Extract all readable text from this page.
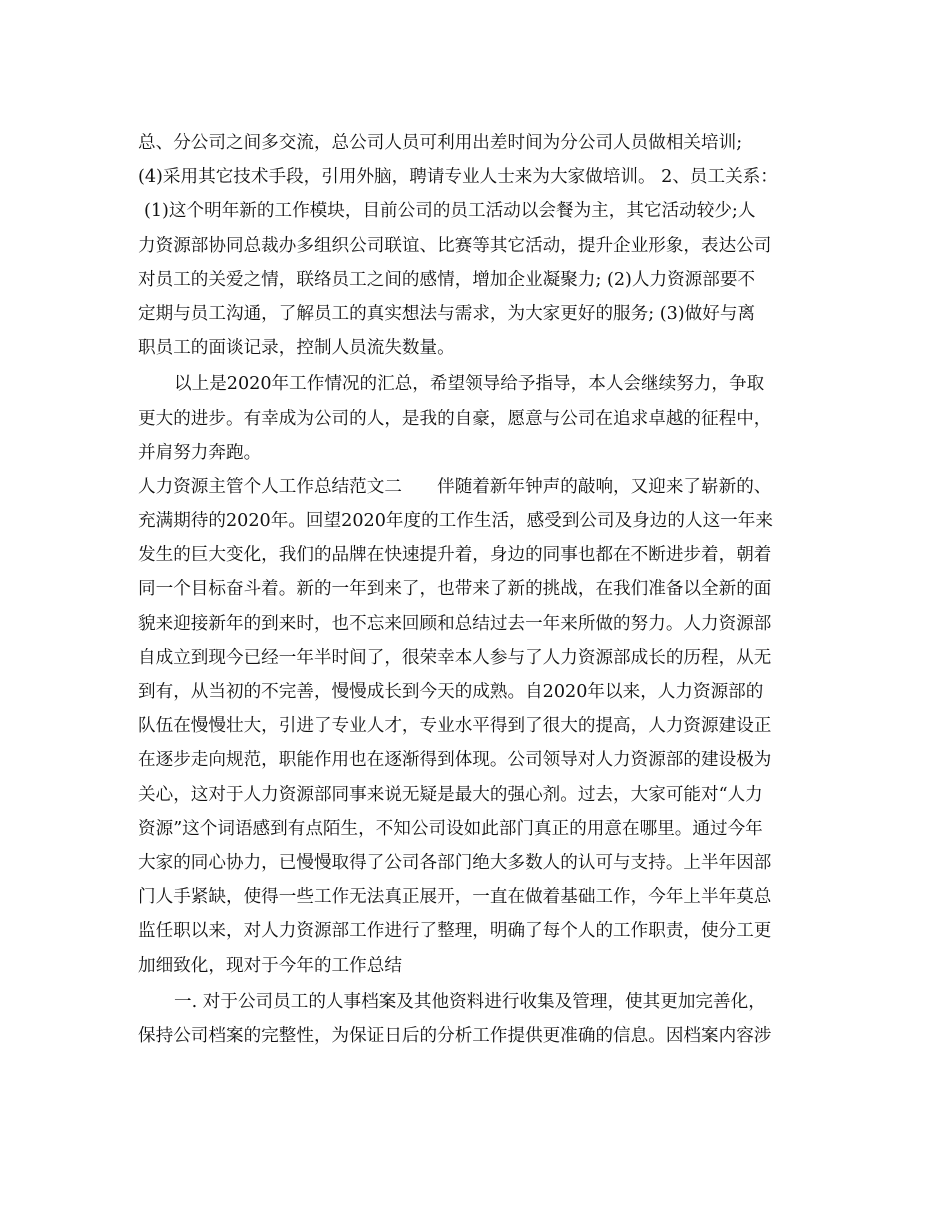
总、分公司之间多交流，总公司人员可利用出差时间为分公司人员做相关培训;
(4)采用其它技术手段，引用外脑，聘请专业人士来为大家做培训。 2、员工关系：
(1)这个明年新的工作模块，目前公司的员工活动以会餐为主，其它活动较少;人
力资源部协同总裁办多组织公司联谊、比赛等其它活动，提升企业形象，表达公司
对员工的关爱之情，联络员工之间的感情，增加企业凝聚力; (2)人力资源部要不
定期与员工沟通，了解员工的真实想法与需求，为大家更好的服务; (3)做好与离
职员工的面谈记录，控制人员流失数量。
以上是2020年工作情况的汇总，希望领导给予指导，本人会继续努力，争取
更大的进步。有幸成为公司的人，是我的自豪，愿意与公司在追求卓越的征程中，
并肩努力奔跑。
人力资源主管个人工作总结范文二　　伴随着新年钟声的敲响，又迎来了崭新的、
充满期待的2020年。回望2020年度的工作生活，感受到公司及身边的人这一年来
发生的巨大变化，我们的品牌在快速提升着，身边的同事也都在不断进步着，朝着
同一个目标奋斗着。新的一年到来了，也带来了新的挑战，在我们准备以全新的面
貌来迎接新年的到来时，也不忘来回顾和总结过去一年来所做的努力。人力资源部
自成立到现今已经一年半时间了，很荣幸本人参与了人力资源部成长的历程，从无
到有，从当初的不完善，慢慢成长到今天的成熟。自2020年以来，人力资源部的
队伍在慢慢壮大，引进了专业人才，专业水平得到了很大的提高，人力资源建设正
在逐步走向规范，职能作用也在逐渐得到体现。公司领导对人力资源部的建设极为
关心，这对于人力资源部同事来说无疑是最大的强心剂。过去，大家可能对“人力
资源”这个词语感到有点陌生，不知公司设如此部门真正的用意在哪里。通过今年
大家的同心协力，已慢慢取得了公司各部门绝大多数人的认可与支持。上半年因部
门人手紧缺，使得一些工作无法真正展开，一直在做着基础工作，今年上半年莫总
监任职以来，对人力资源部工作进行了整理，明确了每个人的工作职责，使分工更
加细致化，现对于今年的工作总结
一. 对于公司员工的人事档案及其他资料进行收集及管理，使其更加完善化，
保持公司档案的完整性，为保证日后的分析工作提供更准确的信息。因档案内容涉
